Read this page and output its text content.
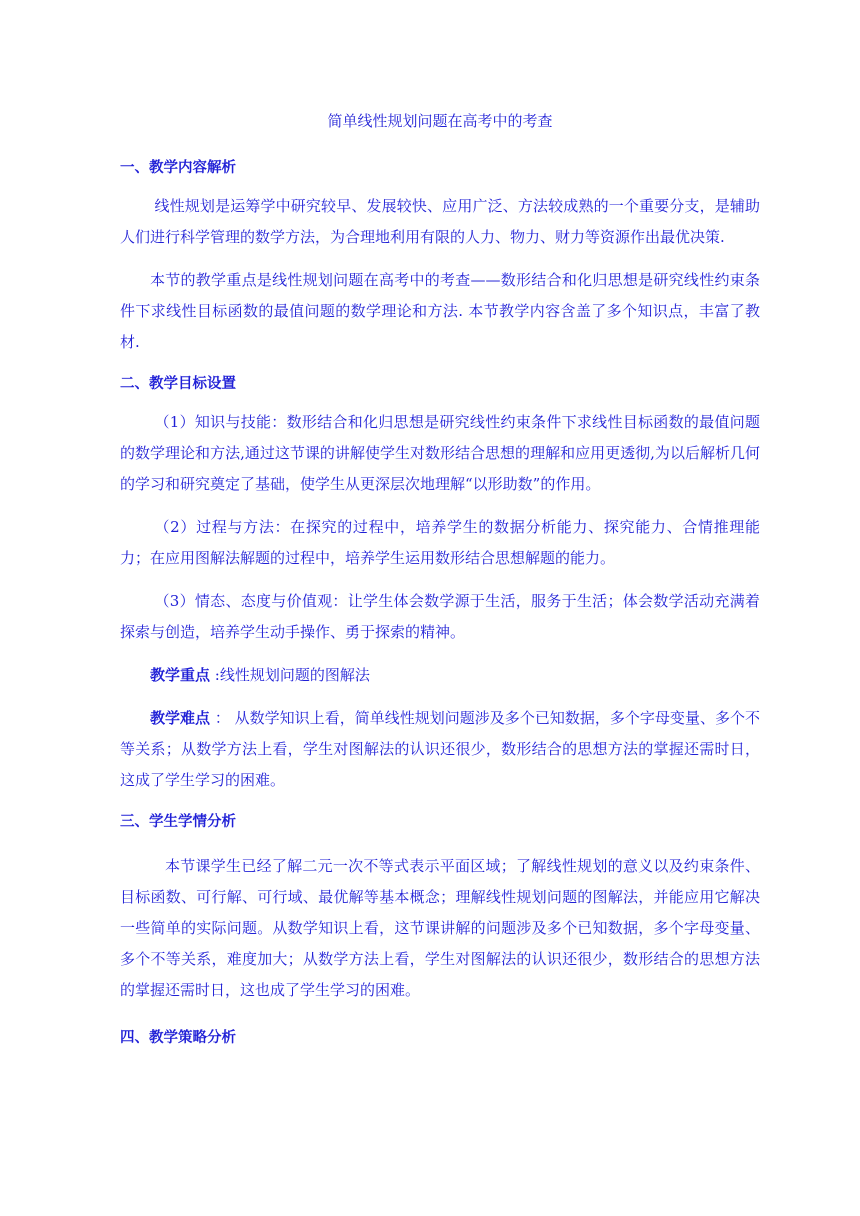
简单线性规划问题在高考中的考查
一、教学内容解析
线性规划是运筹学中研究较早、发展较快、应用广泛、方法较成熟的一个重要分支，是辅助人们进行科学管理的数学方法，为合理地利用有限的人力、物力、财力等资源作出最优决策.
本节的教学重点是线性规划问题在高考中的考查——数形结合和化归思想是研究线性约束条件下求线性目标函数的最值问题的数学理论和方法. 本节教学内容含盖了多个知识点，丰富了教材.
二、教学目标设置
（1）知识与技能：数形结合和化归思想是研究线性约束条件下求线性目标函数的最值问题的数学理论和方法,通过这节课的讲解使学生对数形结合思想的理解和应用更透彻,为以后解析几何的学习和研究奠定了基础，使学生从更深层次地理解“以形助数”的作用。
（2）过程与方法：在探究的过程中，培养学生的数据分析能力、探究能力、合情推理能力；在应用图解法解题的过程中，培养学生运用数形结合思想解题的能力。
（3）情态、态度与价值观：让学生体会数学源于生活，服务于生活；体会数学活动充满着探索与创造，培养学生动手操作、勇于探索的精神。
教学重点 :线性规划问题的图解法
教学难点 ： 从数学知识上看，简单线性规划问题涉及多个已知数据，多个字母变量、多个不等关系；从数学方法上看，学生对图解法的认识还很少，数形结合的思想方法的掌握还需时日，这成了学生学习的困难。
三、学生学情分析
本节课学生已经了解二元一次不等式表示平面区域；了解线性规划的意义以及约束条件、目标函数、可行解、可行域、最优解等基本概念；理解线性规划问题的图解法，并能应用它解决一些简单的实际问题。从数学知识上看，这节课讲解的问题涉及多个已知数据，多个字母变量、多个不等关系，难度加大；从数学方法上看，学生对图解法的认识还很少，数形结合的思想方法的掌握还需时日，这也成了学生学习的困难。
四、教学策略分析
